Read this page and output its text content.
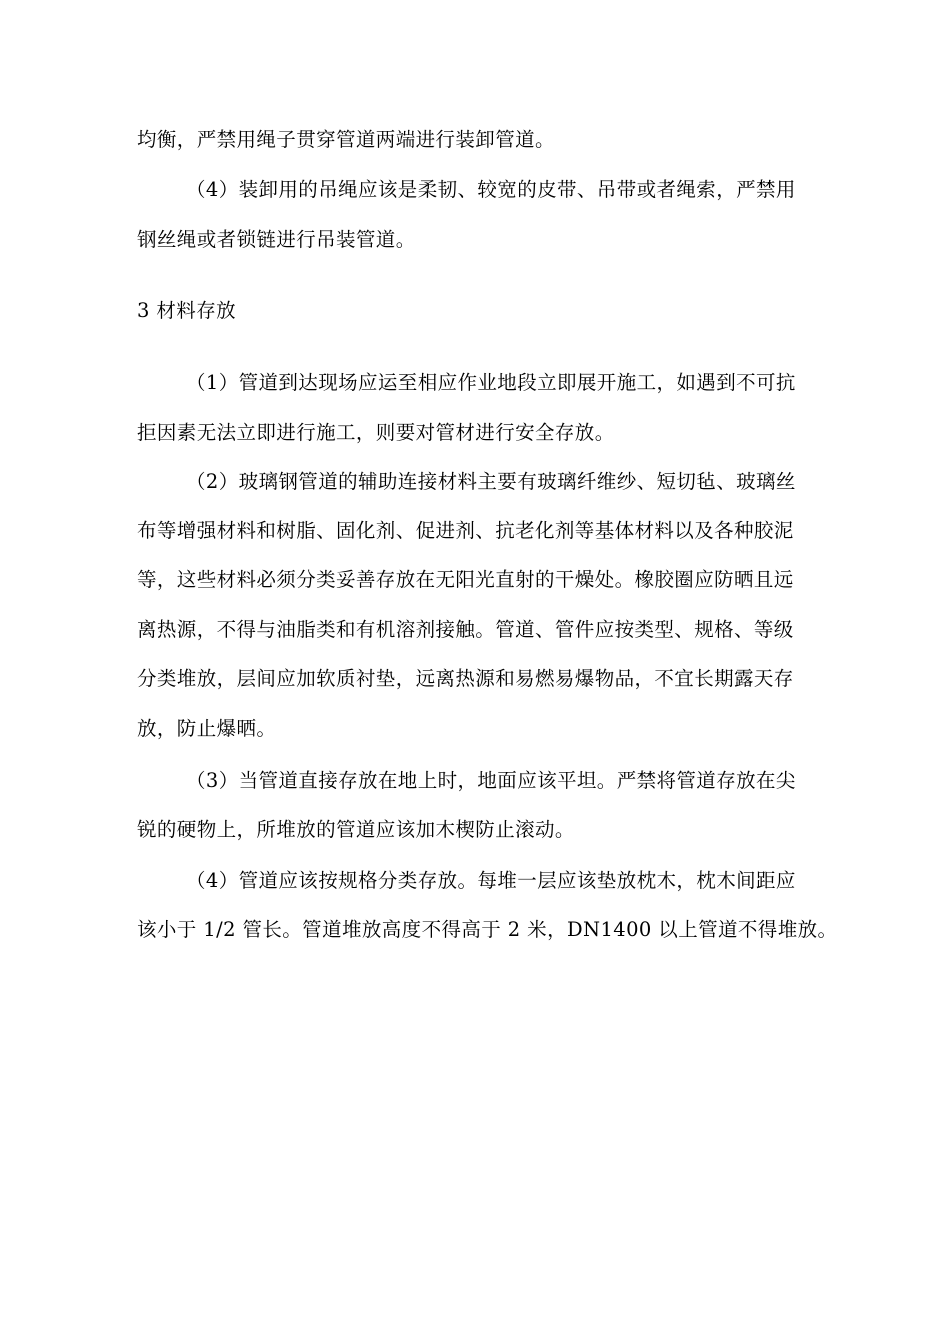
均衡，严禁用绳子贯穿管道两端进行装卸管道。
（4）装卸用的吊绳应该是柔韧、较宽的皮带、吊带或者绳索，严禁用
钢丝绳或者锁链进行吊装管道。
3 材料存放
（1）管道到达现场应运至相应作业地段立即展开施工，如遇到不可抗
拒因素无法立即进行施工，则要对管材进行安全存放。
（2）玻璃钢管道的辅助连接材料主要有玻璃纤维纱、短切毡、玻璃丝
布等增强材料和树脂、固化剂、促进剂、抗老化剂等基体材料以及各种胶泥
等，这些材料必须分类妥善存放在无阳光直射的干燥处。橡胶圈应防晒且远
离热源，不得与油脂类和有机溶剂接触。管道、管件应按类型、规格、等级
分类堆放，层间应加软质衬垫，远离热源和易燃易爆物品，不宜长期露天存
放，防止爆晒。
（3）当管道直接存放在地上时，地面应该平坦。严禁将管道存放在尖
锐的硬物上，所堆放的管道应该加木楔防止滚动。
（4）管道应该按规格分类存放。每堆一层应该垫放枕木，枕木间距应
该小于 1/2 管长。管道堆放高度不得高于 2 米，DN1400 以上管道不得堆放。
